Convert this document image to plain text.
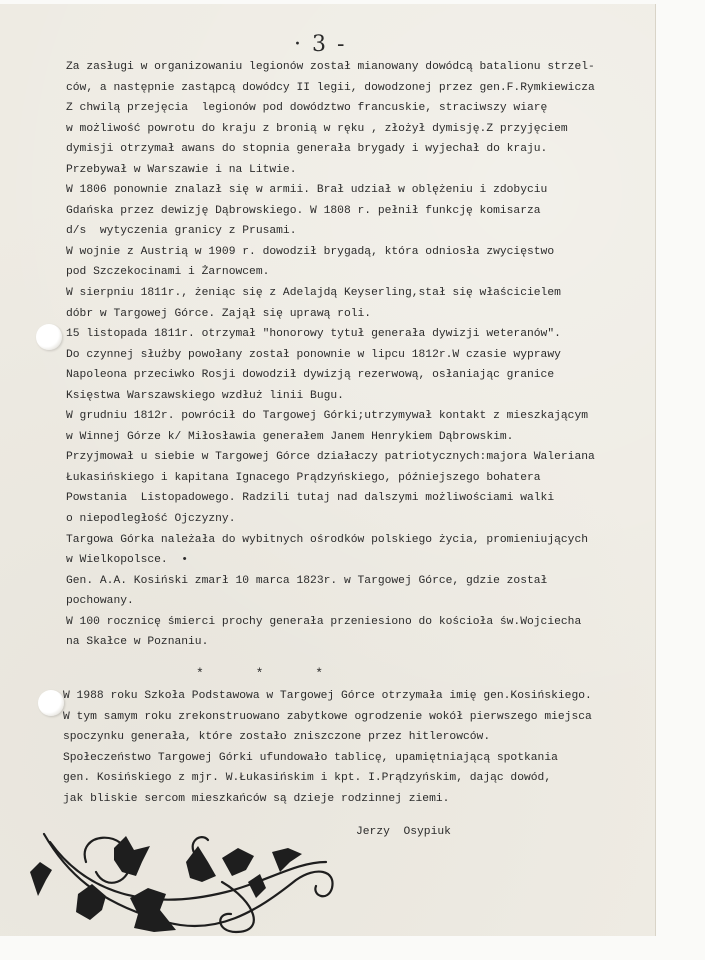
· 3 -
Za zasługi w organizowaniu legionów został mianowany dowódcą batalionu strzel-
ców, a następnie zastąpcą dowódcy II legii, dowodzonej przez gen.F.Rymkiewicza
Z chwilą przejęcia  legionów pod dowództwo francuskie, straciwszy wiarę
w możliwość powrotu do kraju z bronią w ręku , złożył dymisję.Z przyjęciem
dymisji otrzymał awans do stopnia generała brygady i wyjechał do kraju.
Przebywał w Warszawie i na Litwie.
W 1806 ponownie znalazł się w armii. Brał udział w oblężeniu i zdobyciu
Gdańska przez dewizję Dąbrowskiego. W 1808 r. pełnił funkcję komisarza
d/s  wytyczenia granicy z Prusami.
W wojnie z Austrią w 1909 r. dowodził brygadą, która odniosła zwycięstwo
pod Szczekocinami i Żarnowcem.
W sierpniu 1811r., żeniąc się z Adelajdą Keyserling,stał się właścicielem
dóbr w Targowej Górce. Zajął się uprawą roli.
15 listopada 1811r. otrzymał "honorowy tytuł generała dywizji weteranów".
Do czynnej służby powołany został ponownie w lipcu 1812r.W czasie wyprawy
Napoleona przeciwko Rosji dowodził dywizją rezerwową, osłaniając granice
Księstwa Warszawskiego wzdłuż linii Bugu.
W grudniu 1812r. powrócił do Targowej Górki;utrzymywał kontakt z mieszkającym
w Winnej Górze k/ Miłosławia generałem Janem Henrykiem Dąbrowskim.
Przyjmował u siebie w Targowej Górce działaczy patriotycznych:majora Waleriana
Łukasińskiego i kapitana Ignacego Prądzyńskiego, późniejszego bohatera
Powstania  Listopadowego. Radzili tutaj nad dalszymi możliwościami walki
o niepodległość Ojczyzny.
Targowa Górka należała do wybitnych ośrodków polskiego życia, promieniujących
w Wielkopolsce.  •
Gen. A.A. Kosiński zmarł 10 marca 1823r. w Targowej Górce, gdzie został
pochowany.
W 100 rocznicę śmierci prochy generała przeniesiono do kościoła św.Wojciecha
na Skałce w Poznaniu.
* * *
W 1988 roku Szkoła Podstawowa w Targowej Górce otrzymała imię gen.Kosińskiego.
W tym samym roku zrekonstruowano zabytkowe ogrodzenie wokół pierwszego miejsca
spoczynku generała, które zostało zniszczone przez hitlerowców.
Społeczeństwo Targowej Górki ufundowało tablicę, upamiętniającą spotkania
gen. Kosińskiego z mjr. W.Łukasińskim i kpt. I.Prądzyńskim, dając dowód,
jak bliskie sercom mieszkańców są dzieje rodzinnej ziemi.
Jerzy  Osypiuk
